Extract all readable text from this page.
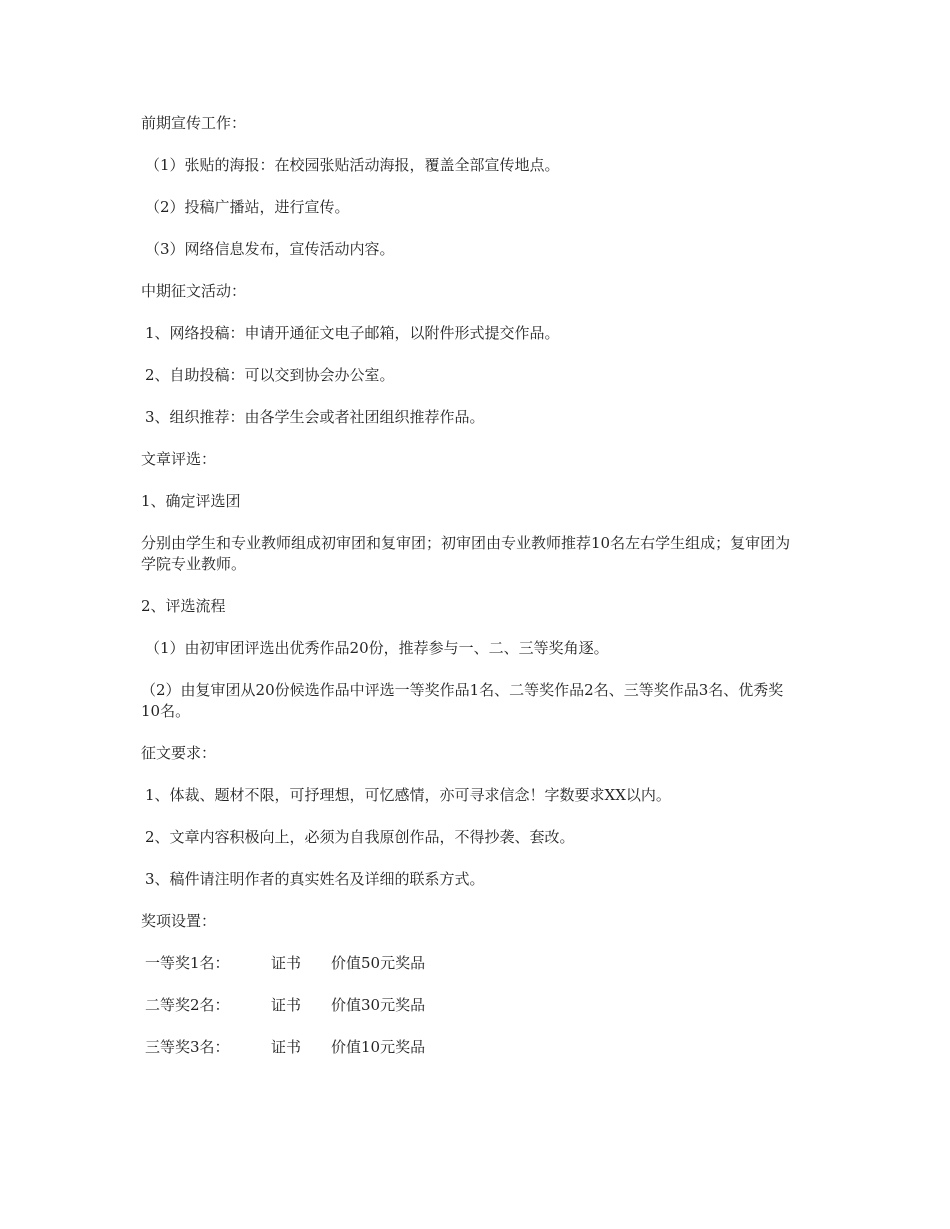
前期宣传工作：

（1）张贴的海报：在校园张贴活动海报，覆盖全部宣传地点。

（2）投稿广播站，进行宣传。

（3）网络信息发布，宣传活动内容。

中期征文活动：

1、网络投稿：申请开通征文电子邮箱，以附件形式提交作品。

2、自助投稿：可以交到协会办公室。

3、组织推荐：由各学生会或者社团组织推荐作品。

文章评选：

1、确定评选团

分别由学生和专业教师组成初审团和复审团；初审团由专业教师推荐10名左右学生组成；复审团为学院专业教师。

2、评选流程

（1）由初审团评选出优秀作品20份，推荐参与一、二、三等奖角逐。

（2）由复审团从20份候选作品中评选一等奖作品1名、二等奖作品2名、三等奖作品3名、优秀奖10名。

征文要求：

1、体裁、题材不限，可抒理想，可忆感情，亦可寻求信念！字数要求XX以内。

2、文章内容积极向上，必须为自我原创作品，不得抄袭、套改。

3、稿件请注明作者的真实姓名及详细的联系方式。

奖项设置：

一等奖1名：	证书	价值50元奖品
二等奖2名：	证书	价值30元奖品
三等奖3名：	证书	价值10元奖品
